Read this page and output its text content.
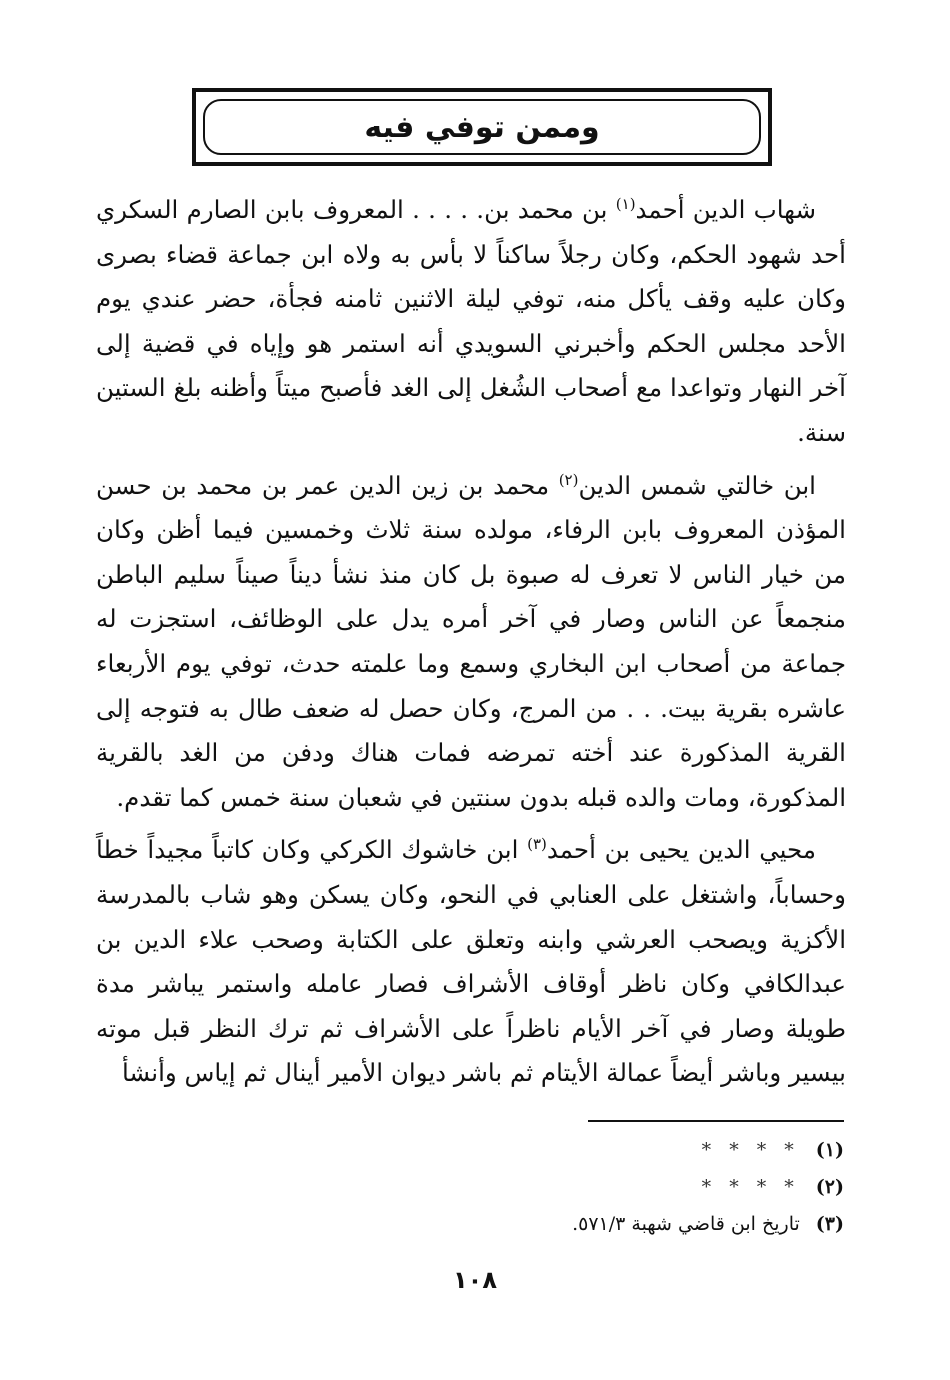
وممن توفي فيه

شهاب الدين أحمد$^{(١)}$ بن محمد بن. . . . . المعروف بابن الصارم السكري أحد شهود الحكم، وكان رجلاً ساكناً لا بأس به ولاه ابن جماعة قضاء بصرى وكان عليه وقف يأكل منه، توفي ليلة الاثنين ثامنه فجأة، حضر عندي يوم الأحد مجلس الحكم وأخبرني السويدي أنه استمر هو وإياه في قضية إلى آخر النهار وتواعدا مع أصحاب الشُغل إلى الغد فأصبح ميتاً وأظنه بلغ الستين سنة.

ابن خالتي شمس الدين$^{(٢)}$ محمد بن زين الدين عمر بن محمد بن حسن المؤذن المعروف بابن الرفاء، مولده سنة ثلاث وخمسين فيما أظن وكان من خيار الناس لا تعرف له صبوة بل كان منذ نشأ ديناً صيناً سليم الباطن منجمعاً عن الناس وصار في آخر أمره يدل على الوظائف، استجزت له جماعة من أصحاب ابن البخاري وسمع وما علمته حدث، توفي يوم الأربعاء عاشره بقرية بيت. . . من المرج، وكان حصل له ضعف طال به فتوجه إلى القرية المذكورة عند أخته تمرضه فمات هناك ودفن من الغد بالقرية المذكورة، ومات والده قبله بدون سنتين في شعبان سنة خمس كما تقدم.

محيي الدين يحيى بن أحمد$^{(٣)}$ ابن خاشوك الكركي وكان كاتباً مجيداً خطاً وحساباً، واشتغل على العنابي في النحو، وكان يسكن وهو شاب بالمدرسة الأكزية ويصحب العرشي وابنه وتعلق على الكتابة وصحب علاء الدين بن عبدالكافي وكان ناظر أوقاف الأشراف فصار عامله واستمر يباشر مدة طويلة وصار في آخر الأيام ناظراً على الأشراف ثم ترك النظر قبل موته بيسير وباشر أيضاً عمالة الأيتام ثم باشر ديوان الأمير أينال ثم إياس وأنشأ

(١)
* * * *
(٢)
* * * *
(٣)
تاريخ ابن قاضي شهبة ٥٧١/٣.
١٠٨
